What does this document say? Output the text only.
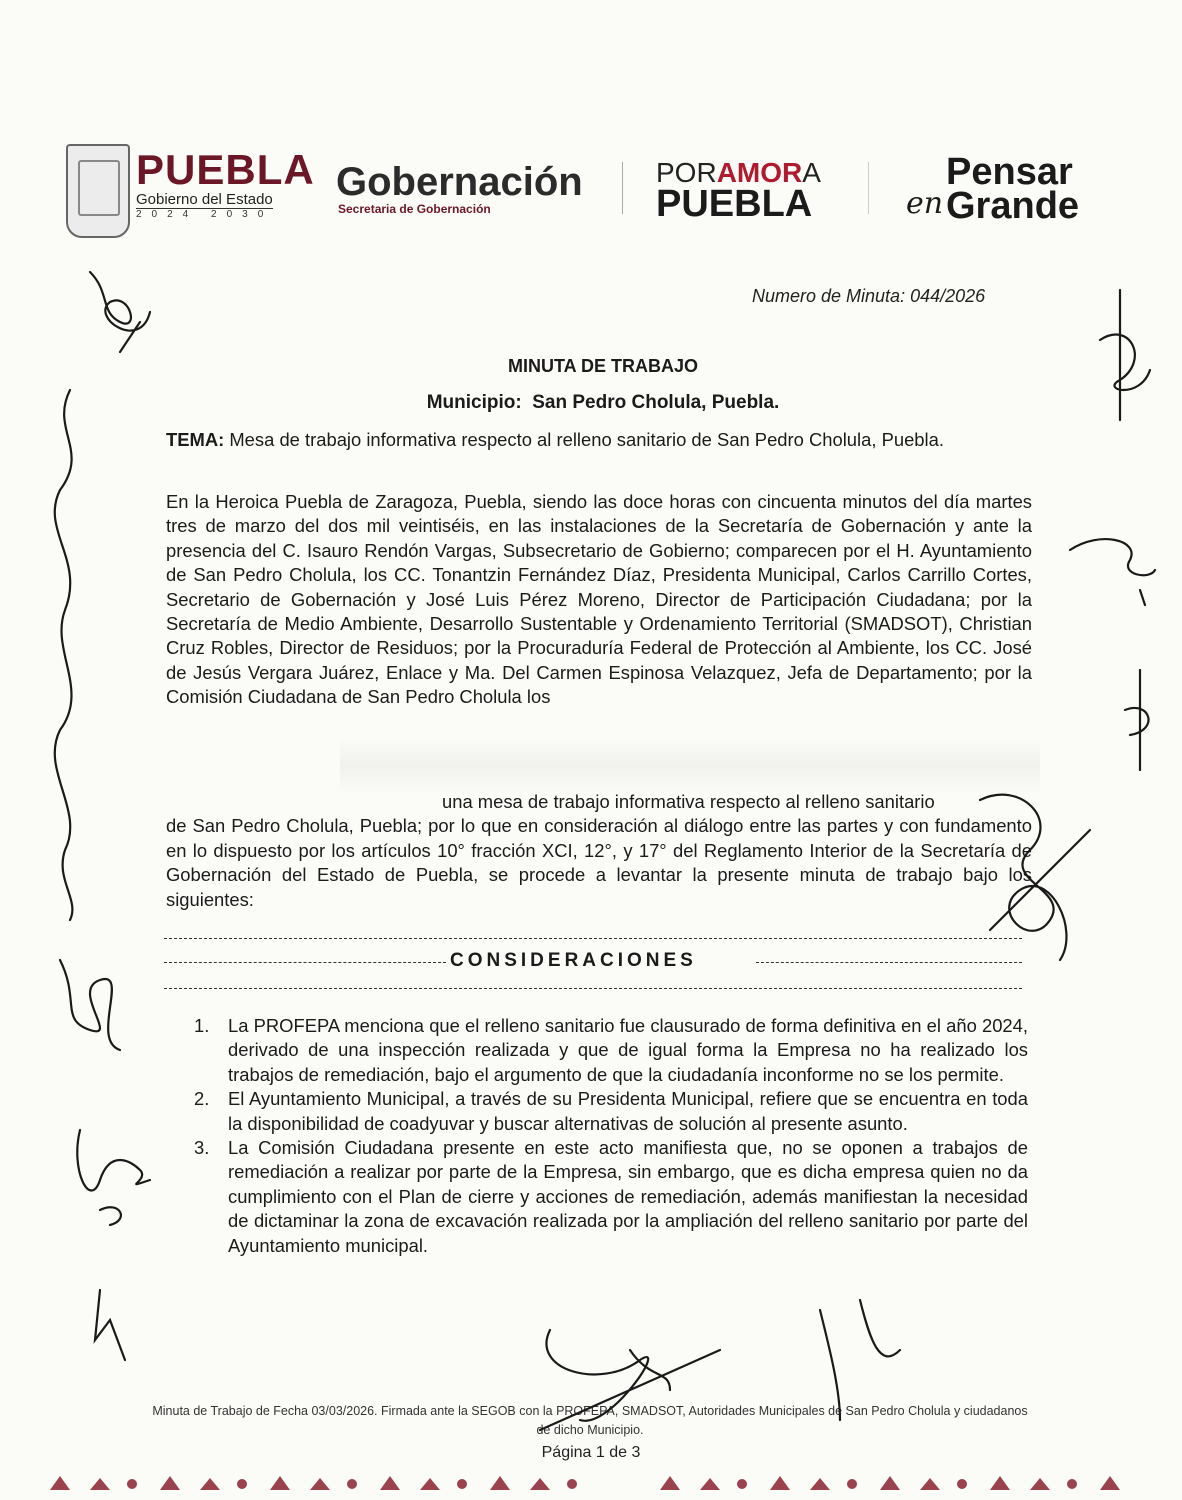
PUEBLA
Gobierno del Estado
2024 2030
Gobernación
Secretaria de Gobernación
PORAMORA
PUEBLA
Pensar
en Grande
Numero de Minuta: 044/2026
MINUTA DE TRABAJO
Municipio: San Pedro Cholula, Puebla.
TEMA: Mesa de trabajo informativa respecto al relleno sanitario de San Pedro Cholula, Puebla.
En la Heroica Puebla de Zaragoza, Puebla, siendo las doce horas con cincuenta minutos del día martes tres de marzo del dos mil veintiséis, en las instalaciones de la Secretaría de Gobernación y ante la presencia del C. Isauro Rendón Vargas, Subsecretario de Gobierno; comparecen por el H. Ayuntamiento de San Pedro Cholula, los CC. Tonantzin Fernández Díaz, Presidenta Municipal, Carlos Carrillo Cortes, Secretario de Gobernación y José Luis Pérez Moreno, Director de Participación Ciudadana; por la Secretaría de Medio Ambiente, Desarrollo Sustentable y Ordenamiento Territorial (SMADSOT), Christian Cruz Robles, Director de Residuos; por la Procuraduría Federal de Protección al Ambiente, los CC. José de Jesús Vergara Juárez, Enlace y Ma. Del Carmen Espinosa Velazquez, Jefa de Departamento; por la Comisión Ciudadana de San Pedro Cholula los
una mesa de trabajo informativa respecto al relleno sanitario
de San Pedro Cholula, Puebla; por lo que en consideración al diálogo entre las partes y con fundamento en lo dispuesto por los artículos 10° fracción XCI, 12°, y 17° del Reglamento Interior de la Secretaría de Gobernación del Estado de Puebla, se procede a levantar la presente minuta de trabajo bajo los siguientes:
CONSIDERACIONES
1. La PROFEPA menciona que el relleno sanitario fue clausurado de forma definitiva en el año 2024, derivado de una inspección realizada y que de igual forma la Empresa no ha realizado los trabajos de remediación, bajo el argumento de que la ciudadanía inconforme no se los permite.
2. El Ayuntamiento Municipal, a través de su Presidenta Municipal, refiere que se encuentra en toda la disponibilidad de coadyuvar y buscar alternativas de solución al presente asunto.
3. La Comisión Ciudadana presente en este acto manifiesta que, no se oponen a trabajos de remediación a realizar por parte de la Empresa, sin embargo, que es dicha empresa quien no da cumplimiento con el Plan de cierre y acciones de remediación, además manifiestan la necesidad de dictaminar la zona de excavación realizada por la ampliación del relleno sanitario por parte del Ayuntamiento municipal.
Minuta de Trabajo de Fecha 03/03/2026. Firmada ante la SEGOB con la PROFEPA, SMADSOT, Autoridades Municipales de San Pedro Cholula y ciudadanos de dicho Municipio.
Página 1 de 3
